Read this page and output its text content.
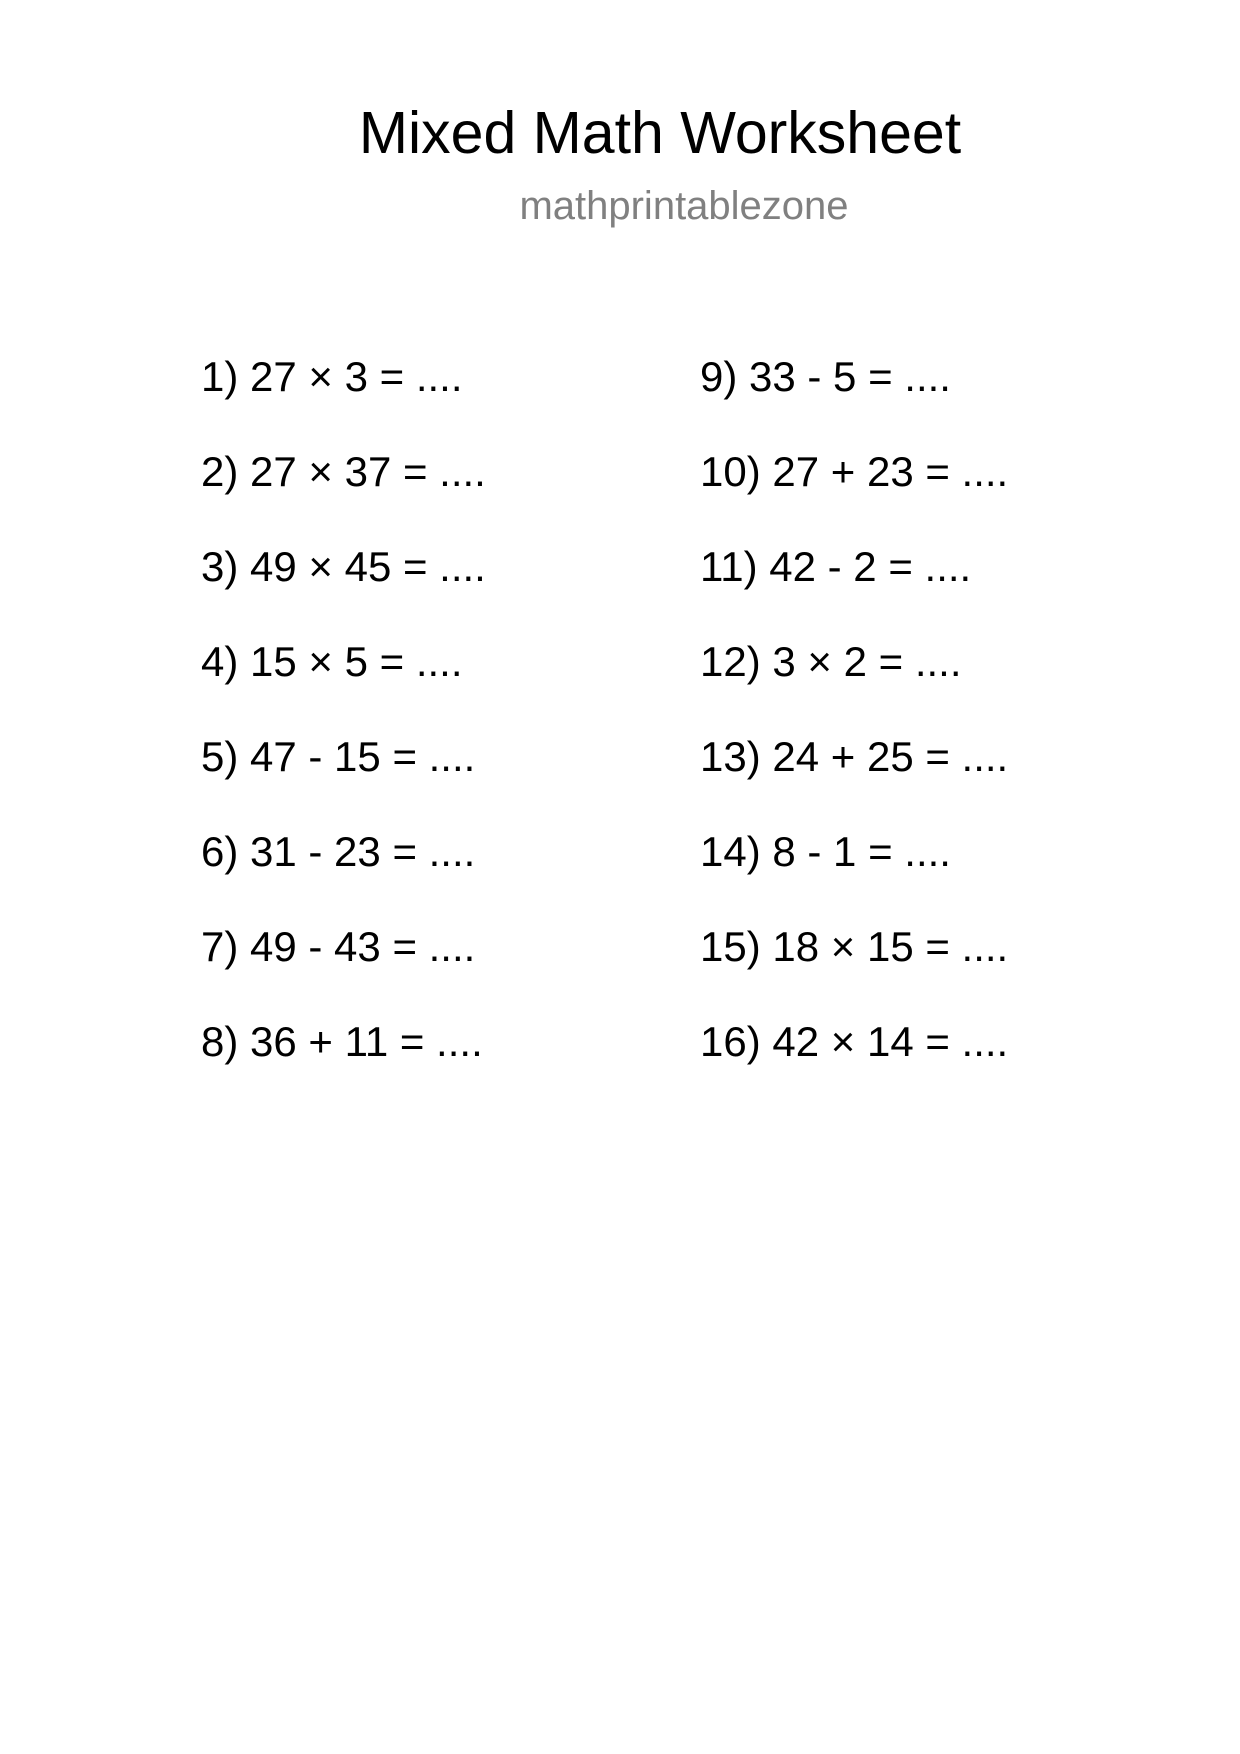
Mixed Math Worksheet
mathprintablezone
1) 27 × 3 = ....
2) 27 × 37 = ....
3) 49 × 45 = ....
4) 15 × 5 = ....
5) 47 - 15 = ....
6) 31 - 23 = ....
7) 49 - 43 = ....
8) 36 + 11 = ....
9) 33 - 5 = ....
10) 27 + 23 = ....
11) 42 - 2 = ....
12) 3 × 2 = ....
13) 24 + 25 = ....
14) 8 - 1 = ....
15) 18 × 15 = ....
16) 42 × 14 = ....
